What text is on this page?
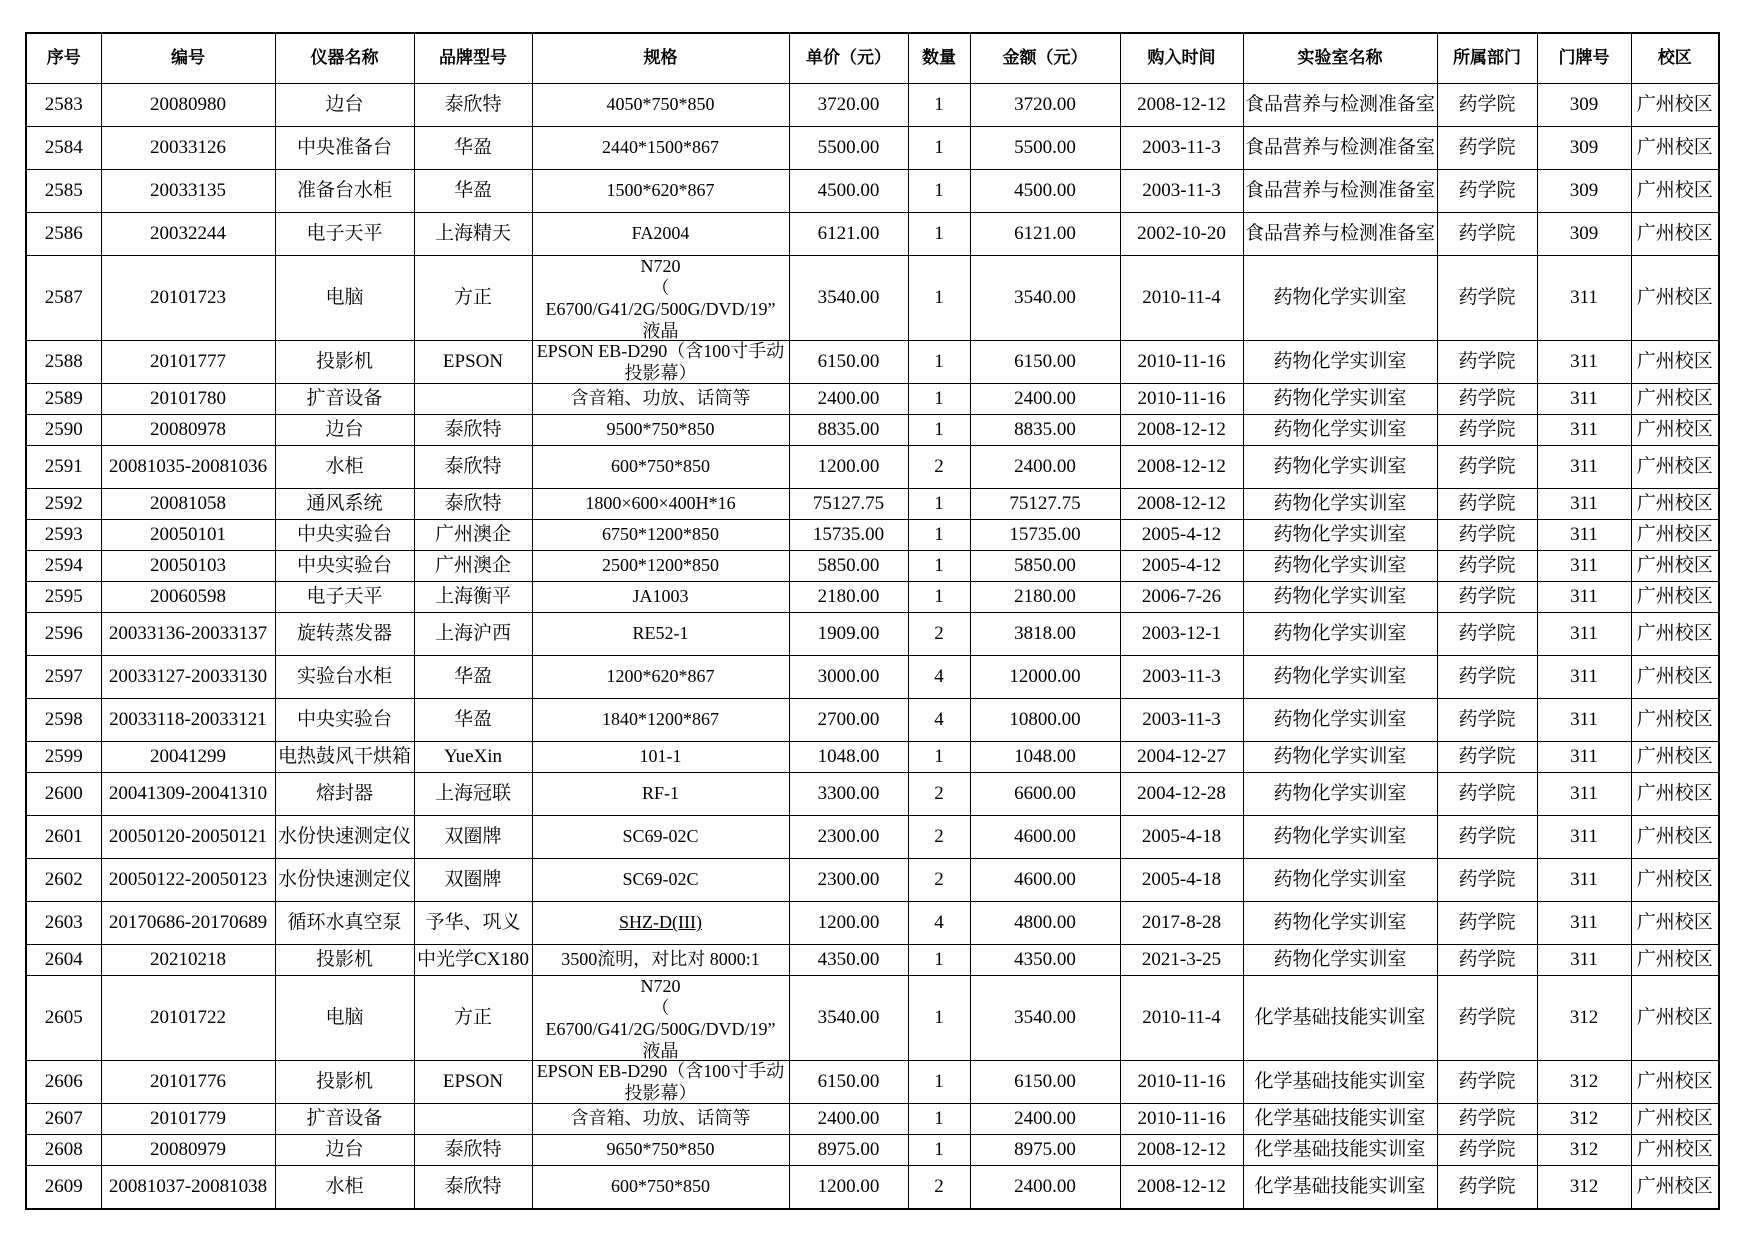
序号	编号	仪器名称	品牌型号	规格	单价（元）	数量	金额（元）	购入时间	实验室名称	所属部门	门牌号	校区

2583	20080980	边台	泰欣特	4050*750*850	3720.00	1	3720.00	2008-12-12	食品营养与检测准备室	药学院	309	广州校区

2584	20033126	中央准备台	华盈	2440*1500*867	5500.00	1	5500.00	2003-11-3	食品营养与检测准备室	药学院	309	广州校区

2585	20033135	准备台水柜	华盈	1500*620*867	4500.00	1	4500.00	2003-11-3	食品营养与检测准备室	药学院	309	广州校区

2586	20032244	电子天平	上海精天	FA2004	6121.00	1	6121.00	2002-10-20	食品营养与检测准备室	药学院	309	广州校区

2587	20101723	电脑	方正	N720
（
E6700/G41/2G/500G/DVD/19”
液晶	3540.00	1	3540.00	2010-11-4	药物化学实训室	药学院	311	广州校区

2588	20101777	投影机	EPSON	EPSON EB-D290（含100寸手动
投影幕）	6150.00	1	6150.00	2010-11-16	药物化学实训室	药学院	311	广州校区

2589	20101780	扩音设备		含音箱、功放、话筒等	2400.00	1	2400.00	2010-11-16	药物化学实训室	药学院	311	广州校区

2590	20080978	边台	泰欣特	9500*750*850	8835.00	1	8835.00	2008-12-12	药物化学实训室	药学院	311	广州校区

2591	20081035-20081036	水柜	泰欣特	600*750*850	1200.00	2	2400.00	2008-12-12	药物化学实训室	药学院	311	广州校区

2592	20081058	通风系统	泰欣特	1800×600×400H*16	75127.75	1	75127.75	2008-12-12	药物化学实训室	药学院	311	广州校区

2593	20050101	中央实验台	广州澳企	6750*1200*850	15735.00	1	15735.00	2005-4-12	药物化学实训室	药学院	311	广州校区

2594	20050103	中央实验台	广州澳企	2500*1200*850	5850.00	1	5850.00	2005-4-12	药物化学实训室	药学院	311	广州校区

2595	20060598	电子天平	上海衡平	JA1003	2180.00	1	2180.00	2006-7-26	药物化学实训室	药学院	311	广州校区

2596	20033136-20033137	旋转蒸发器	上海沪西	RE52-1	1909.00	2	3818.00	2003-12-1	药物化学实训室	药学院	311	广州校区

2597	20033127-20033130	实验台水柜	华盈	1200*620*867	3000.00	4	12000.00	2003-11-3	药物化学实训室	药学院	311	广州校区

2598	20033118-20033121	中央实验台	华盈	1840*1200*867	2700.00	4	10800.00	2003-11-3	药物化学实训室	药学院	311	广州校区

2599	20041299	电热鼓风干烘箱	YueXin	101-1	1048.00	1	1048.00	2004-12-27	药物化学实训室	药学院	311	广州校区

2600	20041309-20041310	熔封器	上海冠联	RF-1	3300.00	2	6600.00	2004-12-28	药物化学实训室	药学院	311	广州校区

2601	20050120-20050121	水份快速测定仪	双圈牌	SC69-02C	2300.00	2	4600.00	2005-4-18	药物化学实训室	药学院	311	广州校区

2602	20050122-20050123	水份快速测定仪	双圈牌	SC69-02C	2300.00	2	4600.00	2005-4-18	药物化学实训室	药学院	311	广州校区

2603	20170686-20170689	循环水真空泵	予华、巩义	SHZ-D(III)	1200.00	4	4800.00	2017-8-28	药物化学实训室	药学院	311	广州校区

2604	20210218	投影机	中光学CX180	3500流明，对比对 8000:1	4350.00	1	4350.00	2021-3-25	药物化学实训室	药学院	311	广州校区

2605	20101722	电脑	方正	N720
（
E6700/G41/2G/500G/DVD/19”
液晶	3540.00	1	3540.00	2010-11-4	化学基础技能实训室	药学院	312	广州校区

2606	20101776	投影机	EPSON	EPSON EB-D290（含100寸手动
投影幕）	6150.00	1	6150.00	2010-11-16	化学基础技能实训室	药学院	312	广州校区

2607	20101779	扩音设备		含音箱、功放、话筒等	2400.00	1	2400.00	2010-11-16	化学基础技能实训室	药学院	312	广州校区

2608	20080979	边台	泰欣特	9650*750*850	8975.00	1	8975.00	2008-12-12	化学基础技能实训室	药学院	312	广州校区

2609	20081037-20081038	水柜	泰欣特	600*750*850	1200.00	2	2400.00	2008-12-12	化学基础技能实训室	药学院	312	广州校区
